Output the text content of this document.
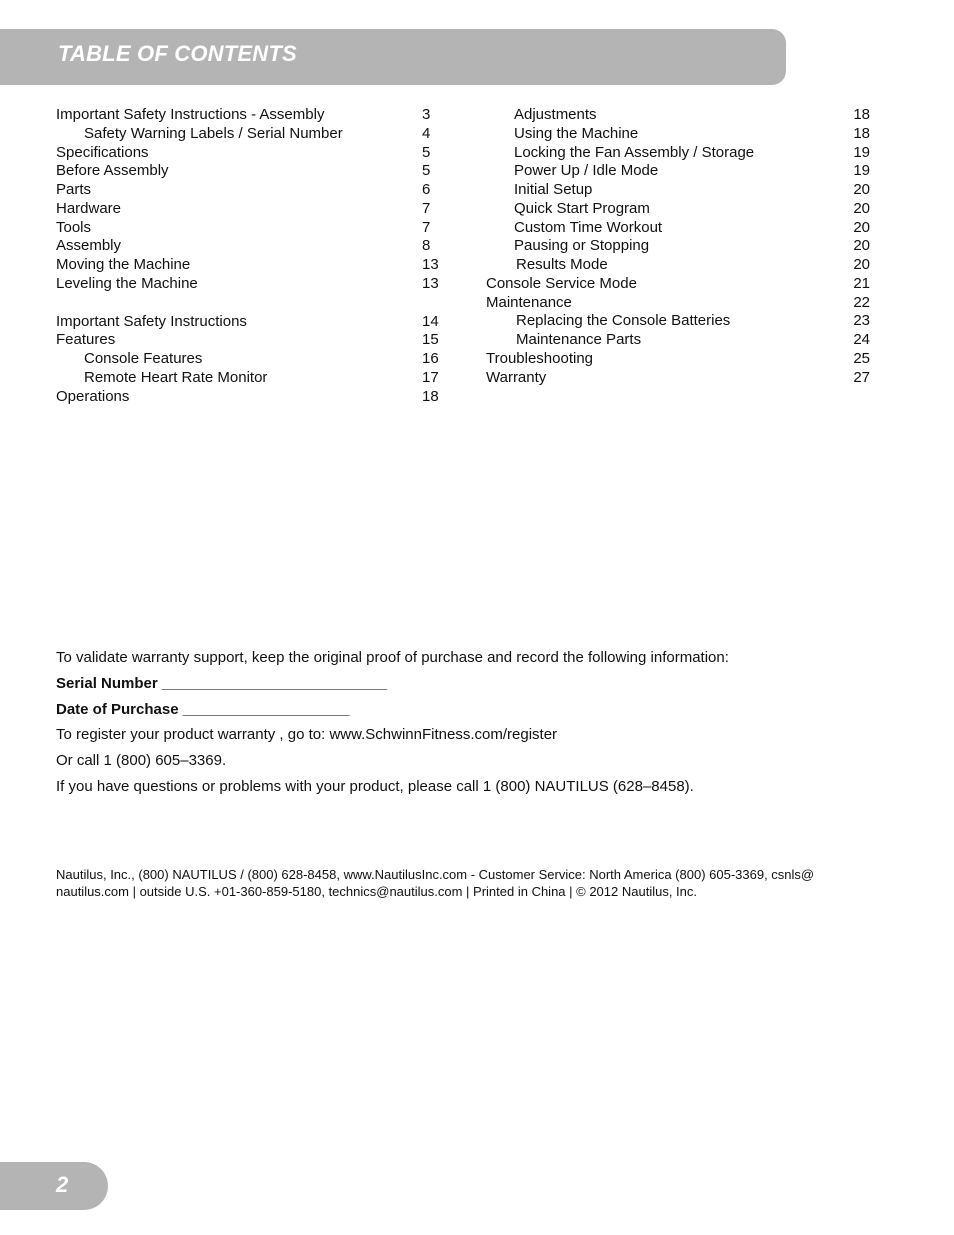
TABLE OF CONTENTS
Important Safety Instructions - Assembly	3
Safety Warning Labels / Serial Number	4
Specifications	5
Before Assembly	5
Parts	6
Hardware	7
Tools	7
Assembly	8
Moving the Machine	13
Leveling the Machine	13
Important Safety Instructions	14
Features	15
Console Features	16
Remote Heart Rate Monitor	17
Operations	18
Adjustments	18
Using the Machine	18
Locking the Fan Assembly / Storage	19
Power Up / Idle Mode	19
Initial Setup	20
Quick Start Program	20
Custom Time Workout	20
Pausing or Stopping	20
Results Mode	20
Console Service Mode	21
Maintenance	22
Replacing the Console Batteries	23
Maintenance Parts	24
Troubleshooting	25
Warranty	27
To validate warranty support, keep the original proof of purchase and record the following information:
Serial Number ___________________________
Date of Purchase ____________________
To register your product warranty , go to: www.SchwinnFitness.com/register
Or call 1 (800) 605–3369.
If you have questions or problems with your product, please call 1 (800) NAUTILUS (628–8458).
Nautilus, Inc., (800) NAUTILUS / (800) 628-8458, www.NautilusInc.com - Customer Service: North America (800) 605-3369, csnls@ nautilus.com | outside U.S. +01-360-859-5180, technics@nautilus.com | Printed in China | © 2012 Nautilus, Inc.
2
